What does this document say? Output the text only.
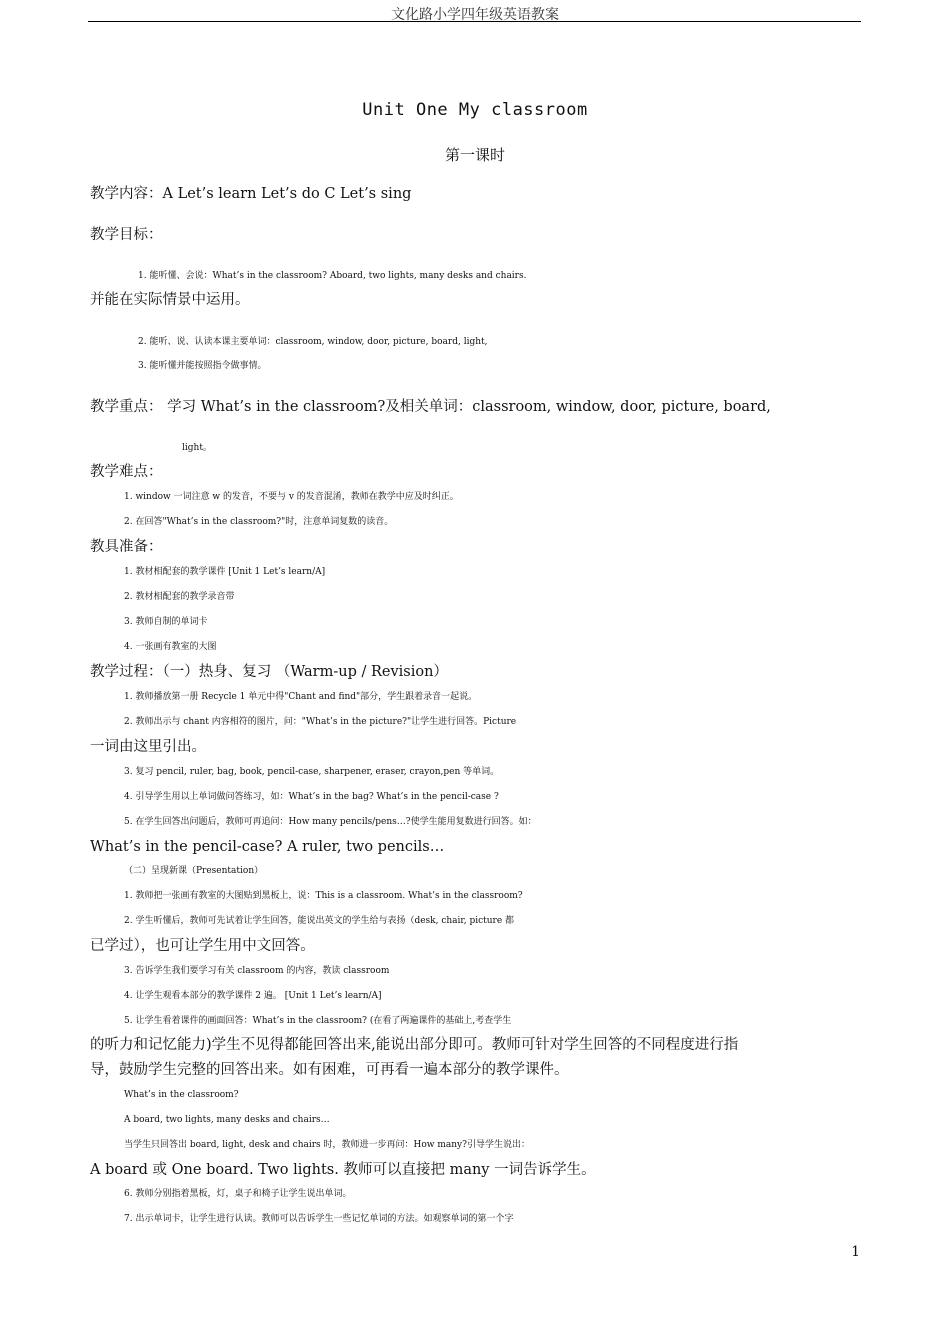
文化路小学四年级英语教案
Unit One My classroom
第一课时
教学内容：A Let’s learn Let’s do C Let’s sing
教学目标：
1. 能听懂、会说：What’s in the classroom? Aboard, two lights, many desks and chairs.
并能在实际情景中运用。
2. 能听、说、认读本课主要单词：classroom, window, door, picture, board, light,
3. 能听懂并能按照指令做事情。
教学重点： 学习 What’s in the classroom?及相关单词：classroom, window, door, picture, board,
light。
教学难点：
1. window 一词注意 w 的发音，不要与 v 的发音混淆，教师在教学中应及时纠正。
2. 在回答"What’s in the classroom?"时，注意单词复数的读音。
教具准备：
1. 教材相配套的教学课件 [Unit 1 Let’s learn/A]
2. 教材相配套的教学录音带
3. 教师自制的单词卡
4. 一张画有教室的大图
教学过程：（一）热身、复习 （Warm-up / Revision）
1. 教师播放第一册 Recycle 1 单元中得"Chant and find"部分，学生跟着录音一起说。
2. 教师出示与 chant 内容相符的图片，问："What’s in the picture?"让学生进行回答。Picture
一词由这里引出。
3. 复习 pencil, ruler, bag, book, pencil-case, sharpener, eraser, crayon,pen 等单词。
4. 引导学生用以上单词做问答练习，如：What’s in the bag? What’s in the pencil-case ?
5. 在学生回答出问题后，教师可再追问：How many pencils/pens…?使学生能用复数进行回答。如：
What’s in the pencil-case? A ruler, two pencils…
（二）呈现新课（Presentation）
1. 教师把一张画有教室的大图贴到黑板上，说：This is a classroom. What’s in the classroom?
2. 学生听懂后，教师可先试着让学生回答，能说出英文的学生给与表扬（desk, chair, picture 都
已学过），也可让学生用中文回答。
3. 告诉学生我们要学习有关 classroom 的内容，教读 classroom
4. 让学生观看本部分的教学课件 2 遍。 [Unit 1 Let’s learn/A]
5. 让学生看着课件的画面回答：What’s in the classroom? (在看了两遍课件的基础上,考查学生
的听力和记忆能力)学生不见得都能回答出来,能说出部分即可。教师可针对学生回答的不同程度进行指
导，鼓励学生完整的回答出来。如有困难，可再看一遍本部分的教学课件。
What’s in the classroom?
A board, two lights, many desks and chairs…
当学生只回答出 board, light, desk and chairs 时，教师进一步再问：How many?引导学生说出：
A board 或 One board. Two lights. 教师可以直接把 many 一词告诉学生。
6. 教师分别指着黑板，灯，桌子和椅子让学生说出单词。
7. 出示单词卡，让学生进行认读。教师可以告诉学生一些记忆单词的方法。如观察单词的第一个字
1
